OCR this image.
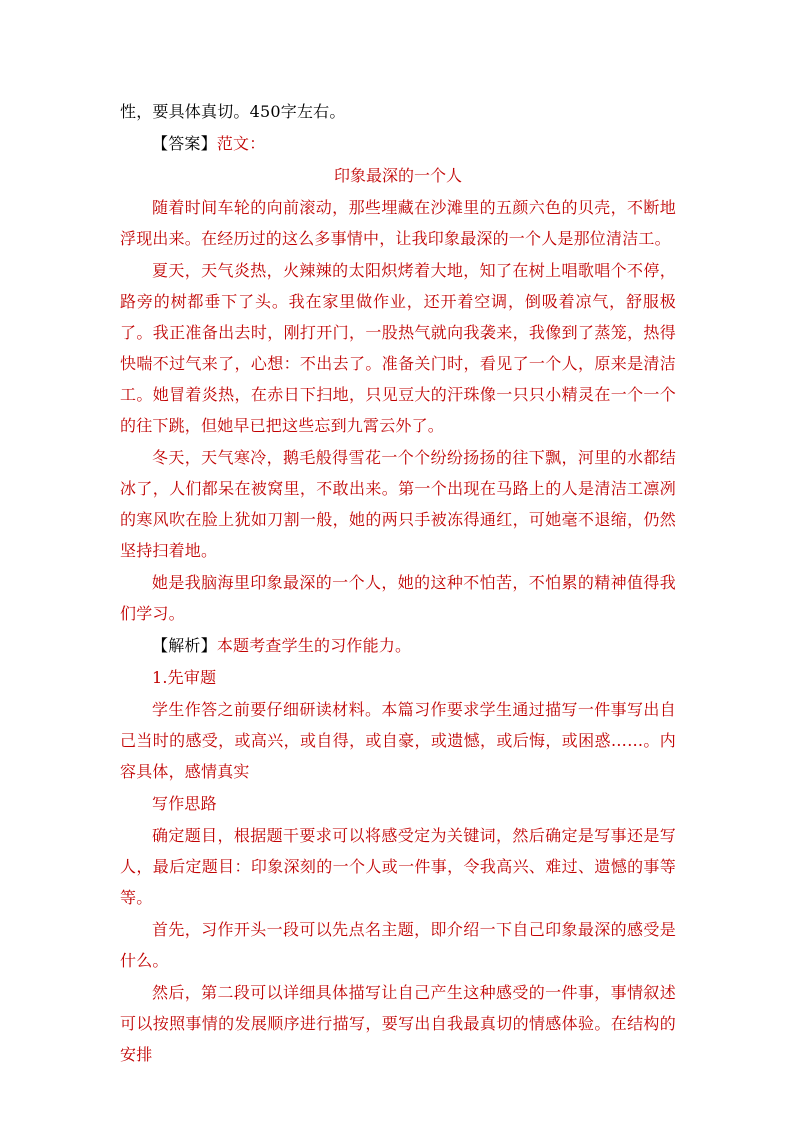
性，要具体真切。450字左右。

【答案】范文：

印象最深的一个人

随着时间车轮的向前滚动，那些埋藏在沙滩里的五颜六色的贝壳，不断地浮现出来。在经历过的这么多事情中，让我印象最深的一个人是那位清洁工。

夏天，天气炎热，火辣辣的太阳炽烤着大地，知了在树上唱歌唱个不停，路旁的树都垂下了头。我在家里做作业，还开着空调，倒吸着凉气，舒服极了。我正准备出去时，刚打开门，一股热气就向我袭来，我像到了蒸笼，热得快喘不过气来了，心想：不出去了。准备关门时，看见了一个人，原来是清洁工。她冒着炎热，在赤日下扫地，只见豆大的汗珠像一只只小精灵在一个一个的往下跳，但她早已把这些忘到九霄云外了。

冬天，天气寒冷，鹅毛般得雪花一个个纷纷扬扬的往下飘，河里的水都结冰了，人们都呆在被窝里，不敢出来。第一个出现在马路上的人是清洁工凛冽的寒风吹在脸上犹如刀割一般，她的两只手被冻得通红，可她毫不退缩，仍然坚持扫着地。

她是我脑海里印象最深的一个人，她的这种不怕苦，不怕累的精神值得我们学习。

【解析】本题考查学生的习作能力。

1.先审题

学生作答之前要仔细研读材料。本篇习作要求学生通过描写一件事写出自己当时的感受，或高兴，或自得，或自豪，或遗憾，或后悔，或困惑……。内容具体，感情真实

写作思路

确定题目，根据题干要求可以将感受定为关键词，然后确定是写事还是写人，最后定题目：印象深刻的一个人或一件事，令我高兴、难过、遗憾的事等等。

首先，习作开头一段可以先点名主题，即介绍一下自己印象最深的感受是什么。

然后，第二段可以详细具体描写让自己产生这种感受的一件事，事情叙述可以按照事情的发展顺序进行描写，要写出自我最真切的情感体验。在结构的安排
